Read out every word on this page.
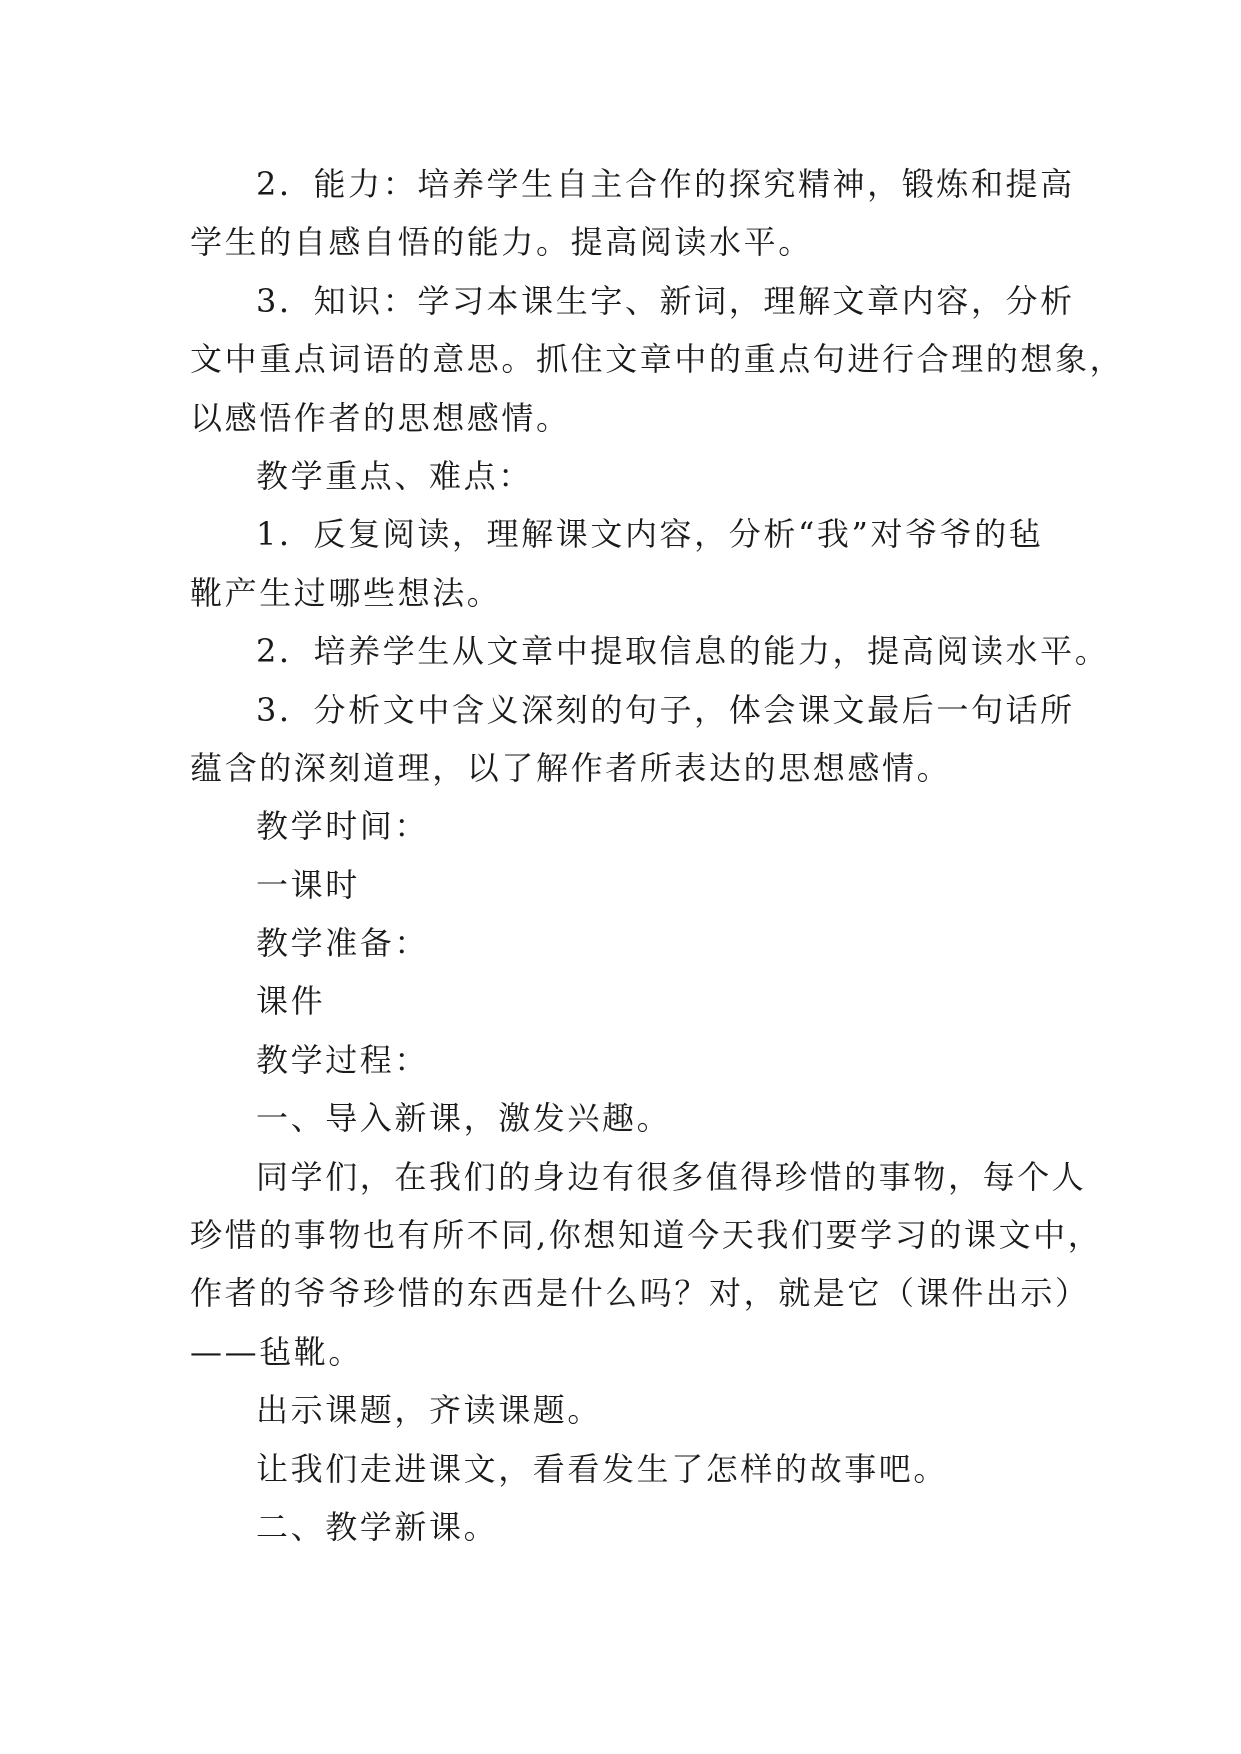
2．能力：培养学生自主合作的探究精神，锻炼和提高
学生的自感自悟的能力。提高阅读水平。

3．知识：学习本课生字、新词，理解文章内容，分析
文中重点词语的意思。抓住文章中的重点句进行合理的想象，
以感悟作者的思想感情。

教学重点、难点：

1．反复阅读，理解课文内容，分析“我”对爷爷的毡
靴产生过哪些想法。

2．培养学生从文章中提取信息的能力，提高阅读水平。

3．分析文中含义深刻的句子，体会课文最后一句话所
蕴含的深刻道理，以了解作者所表达的思想感情。

教学时间：

一课时

教学准备：

课件

教学过程：

一、导入新课，激发兴趣。

同学们，在我们的身边有很多值得珍惜的事物，每个人
珍惜的事物也有所不同,你想知道今天我们要学习的课文中，
作者的爷爷珍惜的东西是什么吗？对，就是它（课件出示）
——毡靴。

出示课题，齐读课题。

让我们走进课文，看看发生了怎样的故事吧。

二、教学新课。
